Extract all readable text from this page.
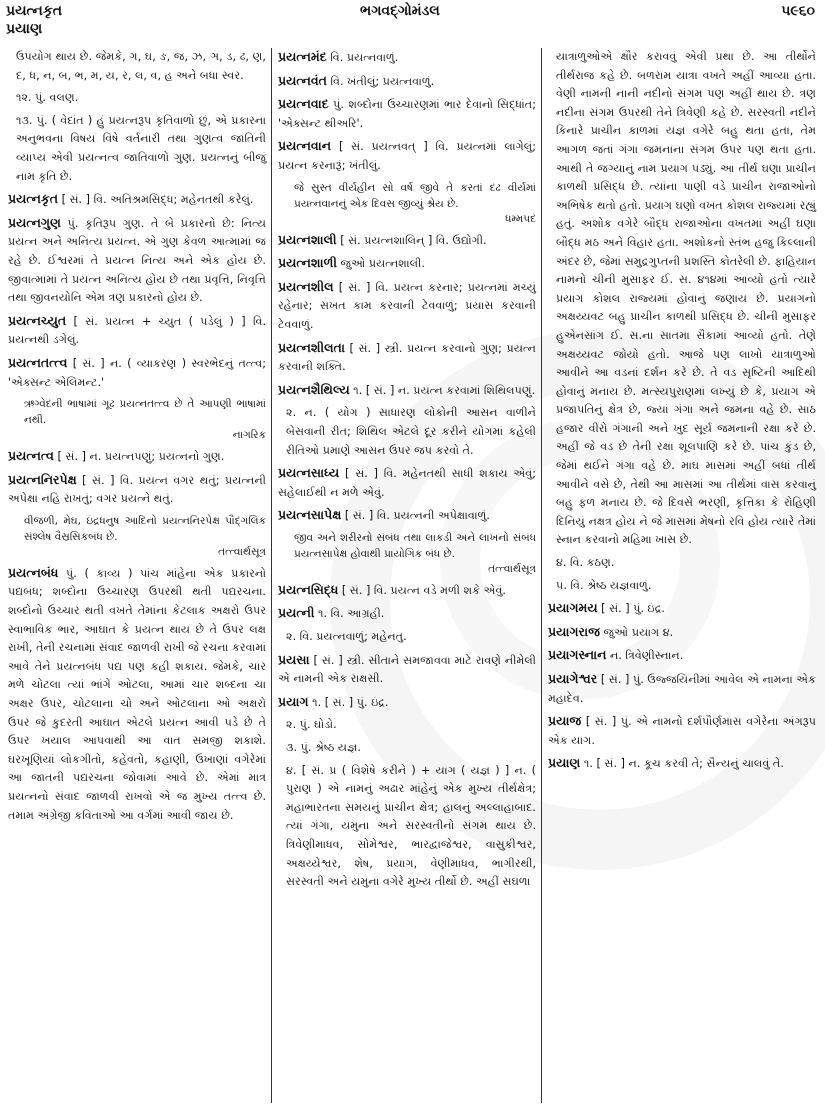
પ્રયત્નકૃત
પ્રયાણ
ભગવદ્ગોમંડલ	૫૯૬૦

ઉપયોગ થાય છે. જેમકે, ગ, ઘ, ઙ, જ, ઝ, ઞ, ડ, ઢ, ણ, દ, ધ, ન, બ, ભ, મ, ય, ર, લ, વ, હ અને બધા સ્વર.

૧૨. પું. વલણ.

૧૩. પું. ( વેદાંત ) હું પ્રયત્નરૂપ કૃતિવાળો છું, એ પ્રકારના અનુભવના વિષય વિષે વર્તનારી તથા ગુણત્વ જાતિની વ્યાપ્ય એવી પ્રયત્નત્વ જાતિવાળો ગુણ. પ્રયત્નનું બીજું નામ કૃતિ છે.

પ્રયત્નકૃત [ સં. ] વિ. અતિશ્રમસિદ્ધ; મહેનતથી કરેલું.

પ્રયત્નગુણ પું. કૃતિરૂપ ગુણ. તે બે પ્રકારનો છે: નિત્ય પ્રયત્ન અને અનિત્ય પ્રયત્ન. એ ગુણ કેવળ આત્મામાં જ રહે છે. ઈશ્વરમાં તે પ્રયત્ન નિત્ય અને એક હોય છે. જીવાત્મામાં તે પ્રયત્ન અનિત્ય હોય છે તથા પ્રવૃત્તિ, નિવૃત્તિ તથા જીવનયોનિ એમ ત્રણ પ્રકારનો હોય છે.

પ્રયત્નચ્યુત [ સં. પ્રયત્ન + ચ્યુત ( પડેલું ) ] વિ. પ્રયત્નથી ડગેલું.

પ્રયત્નતત્ત્વ [ સં. ] ન. ( વ્યાકરણ ) સ્વરભેદનું તત્ત્વ; 'એક્સન્ટ એલિમન્ટ.'

ઋગ્વેદની ભાષામાં ગૂઢ પ્રયત્નતત્ત્વ છે તે આપણી ભાષામાં નથી.
નાગરિક

પ્રયત્નત્વ [ સં. ] ન. પ્રયત્નપણું; પ્રયત્નનો ગુણ.

પ્રયત્નનિરપેક્ષ [ સં. ] વિ. પ્રયત્ન વગર થતું; પ્રયત્નની અપેક્ષા નહિ રાખતું; વગર પ્રયત્ને થતું.

વીજળી, મેઘ, ઇંદ્રધનુષ આદિનો પ્રયત્નનિરપેક્ષ પૌદ્ગલિક સંશ્લેષ વૈસ્રસિકબંધ છે.
તત્ત્વાર્થસૂત્ર

પ્રયત્નબંધ પું. ( કાવ્ય ) પાંચ માંહેના એક પ્રકારનો પદ્યબંધ; શબ્દોના ઉચ્ચારણ ઉપરથી થતી પદ્યરચના. શબ્દોનો ઉચ્ચાર થતી વખતે તેમાંના કેટલાક અક્ષરો ઉપર સ્વાભાવિક ભાર, આઘાત કે પ્રયત્ન થાય છે તે ઉપર લક્ષ રાખી, તેની રચનામાં સંવાદ જાળવી રાખી જે રચના કરવામાં આવે તેને પ્રયત્નબંધ પદ્ય પણ કહી શકાય. જેમકે, ચાર મળે ચોટલા ત્યાં ભાંગે ઓટલા, આમાં ચાર શબ્દના ચા અક્ષર ઉપર, ચોટલાના ચો અને ઓટલાના ઓ અક્ષરો ઉપર જે કુદરતી આઘાત એટલે પ્રયત્ન આવી પડે છે તે ઉપર ખયાલ આપવાથી આ વાત સમજી શકાશે. ઘરખૂણિયાં લોકગીતો, કહેવતો, કહાણી, ઉખાણાં વગેરેમાં આ જાતની પદ્યરચના જોવામાં આવે છે. એમાં માત્ર પ્રયત્નનો સંવાદ જાળવી રાખવો એ જ મુખ્ય તત્ત્વ છે. તમામ અંગ્રેજી કવિતાઓ આ વર્ગમાં આવી જાય છે.

પ્રયત્નમંદ વિ. પ્રયત્નવાળું.

પ્રયત્નવંત વિ. ખંતીલું; પ્રયત્નવાળું.

પ્રયત્નવાદ પું. શબ્દોના ઉચ્ચારણમાં ભાર દેવાનો સિદ્ધાંત; 'એક્સન્ટ થીઅરિ'.

પ્રયત્નવાન [ સં. પ્રયત્નવત્ ] વિ. પ્રયત્નમાં લાગેલું; પ્રયત્ન કરનારૂં; ખંતીલું.

જે સુસ્ત વીર્યહીન સો વર્ષ જીવે તે કરતાં દઢ વીર્યમાં પ્રયત્નવાનનું એક દિવસ જીવ્યું શ્રેય છે.
ધમ્મપદ

પ્રયત્નશાલી [ સં. પ્રયત્નશાલિન્ ] વિ. ઉદ્યોગી.

પ્રયત્નશાળી જુઓ પ્રયત્નશાલી.

પ્રયત્નશીલ [ સં. ] વિ. પ્રયત્ન કરનાર; પ્રયત્નમાં મચ્યું રહેનાર; સખત કામ કરવાની ટેવવાળું; પ્રયાસ કરવાની ટેવવાળું.

પ્રયત્નશીલતા [ સં. ] સ્ત્રી. પ્રયત્ન કરવાનો ગુણ; પ્રયત્ન કરવાની શક્તિ.

પ્રયત્નશૈથિલ્ય ૧. [ સં. ] ન. પ્રયત્ન કરવામાં શિથિલપણું.

૨. ન. ( યોગ ) સાધારણ લોકોની આસન વાળીને બેસવાની રીત; શિથિલ એટલે દૂર કરીને યોગમાં કહેલી રીતિઓ પ્રમાણે આસન ઉપર જપ કરવો તે.

પ્રયત્નસાધ્ય [ સં. ] વિ. મહેનતથી સાધી શકાય એવું; સહેલાઈથી ન મળે એવું.

પ્રયત્નસાપેક્ષ [ સં. ] વિ. પ્રયત્નની અપેક્ષાવાળું.

જીવ અને શરીરનો સંબંધ તથા લાકડી અને લાખનો સંબંધ પ્રયત્નસાપેક્ષ હોવાથી પ્રાયોગિક બંધ છે.
તત્ત્વાર્થસૂત્ર

પ્રયત્નસિદ્ધ [ સં. ] વિ. પ્રયત્ન વડે મળી શકે એવું.

પ્રયત્ની ૧. વિ. આગ્રહી.

૨. વિ. પ્રયત્નવાળું; મહેનતુ.

પ્રયસા [ સં. ] સ્ત્રી. સીતાને સમજાવવા માટે રાવણે નીમેલી એ નામની એક રાક્ષસી.

પ્રયાગ ૧. [ સં. ] પું. ઇંદ્ર.

૨. પું. ઘોડો.

૩. પું. શ્રેષ્ઠ યજ્ઞ.

૪. [ સં. પ્ર ( વિશેષે કરીને ) + યાગ ( યજ્ઞ ) ] ન. ( પુરાણ ) એ નામનું અઢાર માંહેનું એક મુખ્ય તીર્થક્ષેત્ર; મહાભારતના સમયનું પ્રાચીન ક્ષેત્ર; હાલનું અલ્લાહાબાદ. ત્યાં ગંગા, યમુના અને સરસ્વતીનો સંગમ થાય છે. ત્રિવેણીમાધવ, સોમેશ્વર, ભારદ્વાજેશ્વર, વાસુકીશ્વર, અક્ષય્યેશ્વર, શેષ, પ્રયાગ, વેણીમાધવ, ભાગીરથી, સરસ્વતી અને યમુના વગેરે મુખ્ય તીર્થો છે. અહીં સઘળા

યાત્રાળુઓએ ક્ષૌર કરાવવું એવી પ્રથા છે. આ તીર્થોને તીર્થરાજ કહે છે. બળરામ યાત્રા વખતે અહીં આવ્યા હતા. વેણી નામની નાની નદીનો સંગમ પણ અહીં થાય છે. ત્રણ નદીના સંગમ ઉપરથી તેને ત્રિવેણી કહે છે. સરસ્વતી નદીને કિનારે પ્રાચીન કાળમાં યજ્ઞ વગેરે બહુ થતા હતા, તેમ આગળ જતાં ગંગા જમનાના સંગમ ઉપર પણ થતા હતા. આથી તે જગ્યાનું નામ પ્રયાગ પડ્યું. આ તીર્થ ઘણા પ્રાચીન કાળથી પ્રસિદ્ધ છે. ત્યાંના પાણી વડે પ્રાચીન રાજાઓનો અભિષેક થતો હતો. પ્રયાગ ઘણો વખત કોશલ રાજ્યમાં રહ્યું હતું. અશોક વગેરે બૌદ્ધ રાજાઓના વખતમાં અહીં ઘણા બૌદ્ધ મઠ અને વિહાર હતા. અશોકનો સ્તંભ હજુ કિલ્લાની અંદર છે, જેમાં સમુદ્રગુપ્તની પ્રશસ્તિ કોતરેલી છે. ફાહિયાન નામનો ચીની મુસાફર ઈ. સ. ૪૧૪માં આવ્યો હતો ત્યારે પ્રયાગ કોશલ રાજ્યમાં હોવાનું જણાય છે. પ્રયાગનો અક્ષય્યવટ બહુ પ્રાચીન કાળથી પ્રસિદ્ધ છે. ચીની મુસાફર હુએનસાંગ ઈ. સ.ના સાતમા સૈકામાં આવ્યો હતો. તેણે અક્ષય્યવટ જોયો હતો. આજે પણ લાખો યાત્રાળુઓ આવીને આ વડનાં દર્શન કરે છે. તે વડ સૃષ્ટિની આદિથી હોવાનું મનાય છે. મત્સ્યપુરાણમાં લખ્યું છે કે, પ્રયાગ એ પ્રજાપતિનું ક્ષેત્ર છે, જ્યાં ગંગા અને જમના વહે છે. સાઠ હજાર વીરો ગંગાની અને ખુદ સૂર્ય જમનાની રક્ષા કરે છે. અહીં જે વડ છે તેની રક્ષા શૂલપાણિ કરે છે. પાંચ કુંડ છે, જેમાં થઈને ગંગા વહે છે. માઘ માસમાં અહીં બધાં તીર્થ આવીને વસે છે, તેથી આ માસમાં આ તીર્થમાં વાસ કરવાનું બહુ ફળ મનાય છે. જે દિવસે ભરણી, કૃત્તિકા કે રોહિણી દિનિયું નક્ષત્ર હોય ને જે માસમાં મેષનો રવિ હોય ત્યારે તેમાં સ્નાન કરવાનો મહિમા ખાસ છે.

૪. વિ. કઠણ.

૫. વિ. શ્રેષ્ઠ યજ્ઞવાળું.

પ્રયાગમય [ સં. ] પું. ઇંદ્ર.

પ્રયાગરાજ જુઓ પ્રયાગ ૪.

પ્રયાગસ્નાન ન. ત્રિવેણીસ્નાન.

પ્રયાગેશ્વર [ સં. ] પું. ઉજ્જયિનીમાં આવેલ એ નામના એક મહાદેવ.

પ્રયાજ [ સં. ] પું. એ નામનો દર્શપૌર્ણમાસ વગેરેના અંગરૂપ એક યાગ.

પ્રયાણ ૧. [ સં. ] ન. કૂચ કરવી તે; સૈન્યનું ચાલવું તે.
